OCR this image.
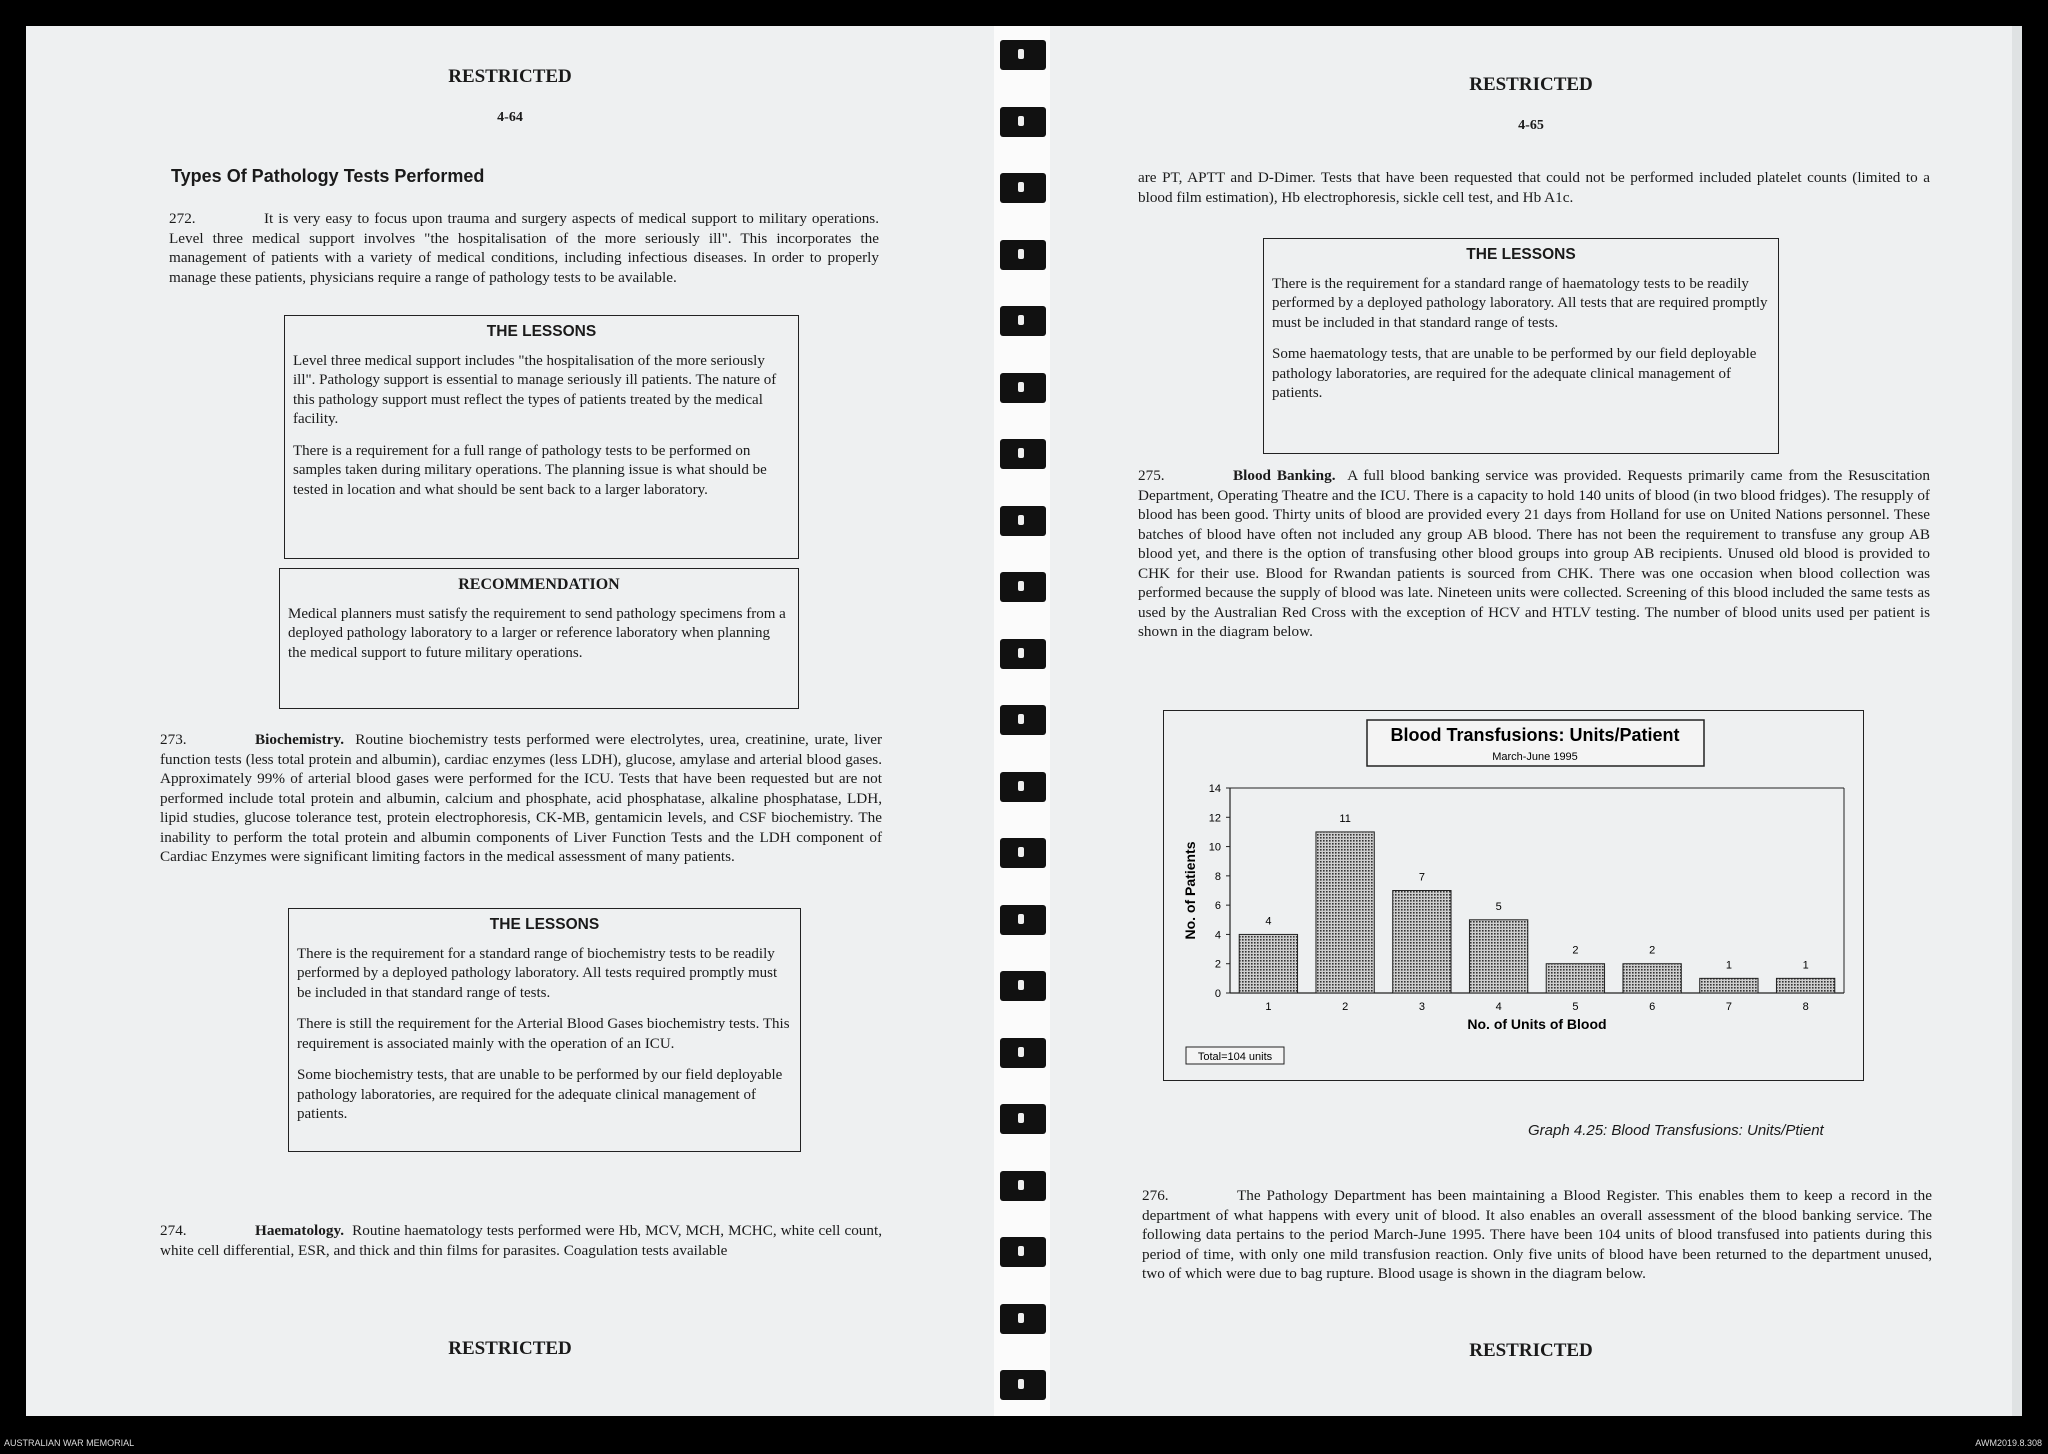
RESTRICTED
4-64
Types Of Pathology Tests Performed
272.	It is very easy to focus upon trauma and surgery aspects of medical support to military operations. Level three medical support involves "the hospitalisation of the more seriously ill". This incorporates the management of patients with a variety of medical conditions, including infectious diseases. In order to properly manage these patients, physicians require a range of pathology tests to be available.
THE LESSONS

Level three medical support includes "the hospitalisation of the more seriously ill". Pathology support is essential to manage seriously ill patients. The nature of this pathology support must reflect the types of patients treated by the medical facility.

There is a requirement for a full range of pathology tests to be performed on samples taken during military operations. The planning issue is what should be tested in location and what should be sent back to a larger laboratory.

RECOMMENDATION

Medical planners must satisfy the requirement to send pathology specimens from a deployed pathology laboratory to a larger or reference laboratory when planning the medical support to future military operations.

273.	Biochemistry. Routine biochemistry tests performed were electrolytes, urea, creatinine, urate, liver function tests (less total protein and albumin), cardiac enzymes (less LDH), glucose, amylase and arterial blood gases. Approximately 99% of arterial blood gases were performed for the ICU. Tests that have been requested but are not performed include total protein and albumin, calcium and phosphate, acid phosphatase, alkaline phosphatase, LDH, lipid studies, glucose tolerance test, protein electrophoresis, CK-MB, gentamicin levels, and CSF biochemistry. The inability to perform the total protein and albumin components of Liver Function Tests and the LDH component of Cardiac Enzymes were significant limiting factors in the medical assessment of many patients.
THE LESSONS

There is the requirement for a standard range of biochemistry tests to be readily performed by a deployed pathology laboratory. All tests required promptly must be included in that standard range of tests.

There is still the requirement for the Arterial Blood Gases biochemistry tests. This requirement is associated mainly with the operation of an ICU.

Some biochemistry tests, that are unable to be performed by our field deployable pathology laboratories, are required for the adequate clinical management of patients.

274.	Haematology. Routine haematology tests performed were Hb, MCV, MCH, MCHC, white cell count, white cell differential, ESR, and thick and thin films for parasites. Coagulation tests available
RESTRICTED
RESTRICTED
4-65
are PT, APTT and D-Dimer. Tests that have been requested that could not be performed included platelet counts (limited to a blood film estimation), Hb electrophoresis, sickle cell test, and Hb A1c.
THE LESSONS

There is the requirement for a standard range of haematology tests to be readily performed by a deployed pathology laboratory. All tests that are required promptly must be included in that standard range of tests.

Some haematology tests, that are unable to be performed by our field deployable pathology laboratories, are required for the adequate clinical management of patients.

275.	Blood Banking. A full blood banking service was provided. Requests primarily came from the Resuscitation Department, Operating Theatre and the ICU. There is a capacity to hold 140 units of blood (in two blood fridges). The resupply of blood has been good. Thirty units of blood are provided every 21 days from Holland for use on United Nations personnel. These batches of blood have often not included any group AB blood. There has not been the requirement to transfuse any group AB blood yet, and there is the option of transfusing other blood groups into group AB recipients. Unused old blood is provided to CHK for their use. Blood for Rwandan patients is sourced from CHK. There was one occasion when blood collection was performed because the supply of blood was late. Nineteen units were collected. Screening of this blood included the same tests as used by the Australian Red Cross with the exception of HCV and HTLV testing. The number of blood units used per patient is shown in the diagram below.
Graph 4.25: Blood Transfusions: Units/Ptient
276.	The Pathology Department has been maintaining a Blood Register. This enables them to keep a record in the department of what happens with every unit of blood. It also enables an overall assessment of the blood banking service. The following data pertains to the period March-June 1995. There have been 104 units of blood transfused into patients during this period of time, with only one mild transfusion reaction. Only five units of blood have been returned to the department unused, two of which were due to bag rupture. Blood usage is shown in the diagram below.
RESTRICTED
Blood Transfusions: Units/Patient
March-June 1995
0
2
4
6
8
10
12
14
4
1
11
2
7
3
5
4
2
5
2
6
1
7
1
8
No. of Units of Blood
No. of Patients
Total=104 units
AUSTRALIAN WAR MEMORIAL	AWM2019.8.308
